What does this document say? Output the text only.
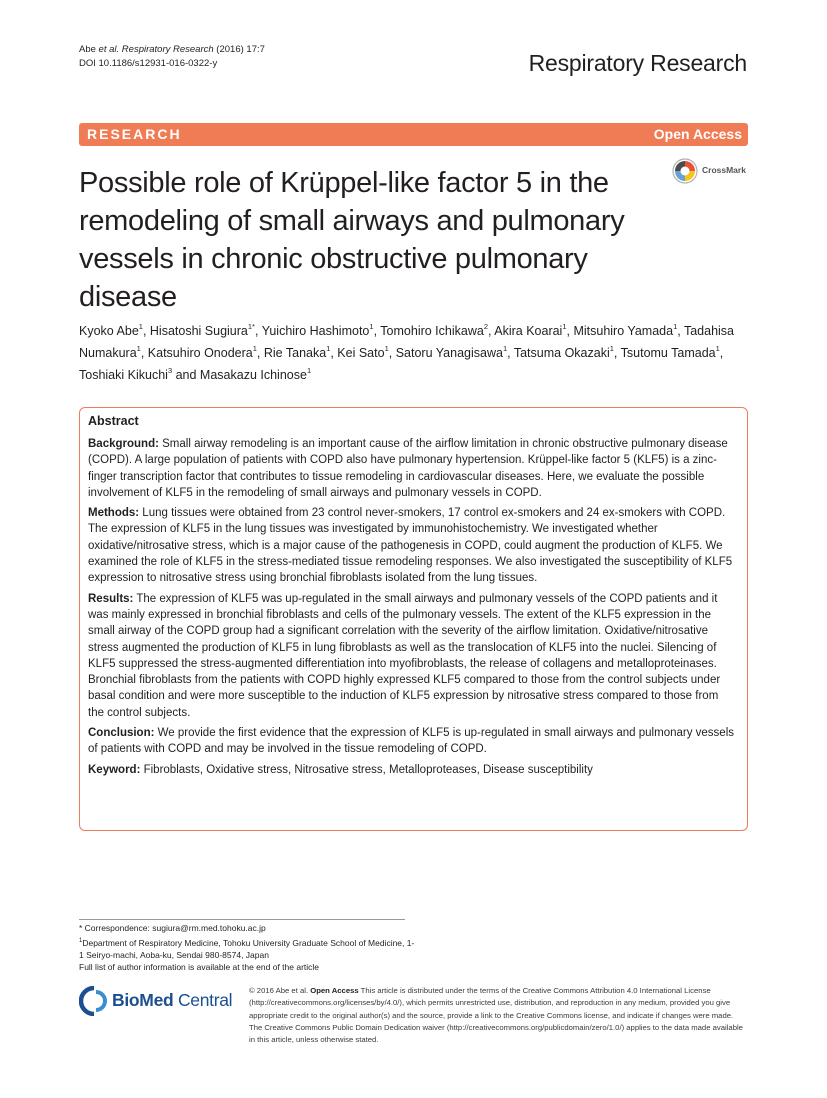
Abe et al. Respiratory Research (2016) 17:7
DOI 10.1186/s12931-016-0322-y	Respiratory Research
RESEARCH	Open Access
Possible role of Krüppel-like factor 5 in the remodeling of small airways and pulmonary vessels in chronic obstructive pulmonary disease
CrossMark
Kyoko Abe$^1$, Hisatoshi Sugiura$^{1*}$, Yuichiro Hashimoto$^1$, Tomohiro Ichikawa$^2$, Akira Koarai$^1$, Mitsuhiro Yamada$^1$, Tadahisa Numakura$^1$, Katsuhiro Onodera$^1$, Rie Tanaka$^1$, Kei Sato$^1$, Satoru Yanagisawa$^1$, Tatsuma Okazaki$^1$, Tsutomu Tamada$^1$, Toshiaki Kikuchi$^3$ and Masakazu Ichinose$^1$
Abstract
Background: Small airway remodeling is an important cause of the airflow limitation in chronic obstructive pulmonary disease (COPD). A large population of patients with COPD also have pulmonary hypertension. Krüppel-like factor 5 (KLF5) is a zinc-finger transcription factor that contributes to tissue remodeling in cardiovascular diseases. Here, we evaluate the possible involvement of KLF5 in the remodeling of small airways and pulmonary vessels in COPD.
Methods: Lung tissues were obtained from 23 control never-smokers, 17 control ex-smokers and 24 ex-smokers with COPD. The expression of KLF5 in the lung tissues was investigated by immunohistochemistry. We investigated whether oxidative/nitrosative stress, which is a major cause of the pathogenesis in COPD, could augment the production of KLF5. We examined the role of KLF5 in the stress-mediated tissue remodeling responses. We also investigated the susceptibility of KLF5 expression to nitrosative stress using bronchial fibroblasts isolated from the lung tissues.
Results: The expression of KLF5 was up-regulated in the small airways and pulmonary vessels of the COPD patients and it was mainly expressed in bronchial fibroblasts and cells of the pulmonary vessels. The extent of the KLF5 expression in the small airway of the COPD group had a significant correlation with the severity of the airflow limitation. Oxidative/nitrosative stress augmented the production of KLF5 in lung fibroblasts as well as the translocation of KLF5 into the nuclei. Silencing of KLF5 suppressed the stress-augmented differentiation into myofibroblasts, the release of collagens and metalloproteinases. Bronchial fibroblasts from the patients with COPD highly expressed KLF5 compared to those from the control subjects under basal condition and were more susceptible to the induction of KLF5 expression by nitrosative stress compared to those from the control subjects.
Conclusion: We provide the first evidence that the expression of KLF5 is up-regulated in small airways and pulmonary vessels of patients with COPD and may be involved in the tissue remodeling of COPD.
Keyword: Fibroblasts, Oxidative stress, Nitrosative stress, Metalloproteases, Disease susceptibility
* Correspondence: sugiura@rm.med.tohoku.ac.jp
$^1$Department of Respiratory Medicine, Tohoku University Graduate School of Medicine, 1-1 Seiryo-machi, Aoba-ku, Sendai 980-8574, Japan
Full list of author information is available at the end of the article
BioMed Central © 2016 Abe et al. Open Access This article is distributed under the terms of the Creative Commons Attribution 4.0 International License (http://creativecommons.org/licenses/by/4.0/), which permits unrestricted use, distribution, and reproduction in any medium, provided you give appropriate credit to the original author(s) and the source, provide a link to the Creative Commons license, and indicate if changes were made. The Creative Commons Public Domain Dedication waiver (http://creativecommons.org/publicdomain/zero/1.0/) applies to the data made available in this article, unless otherwise stated.
